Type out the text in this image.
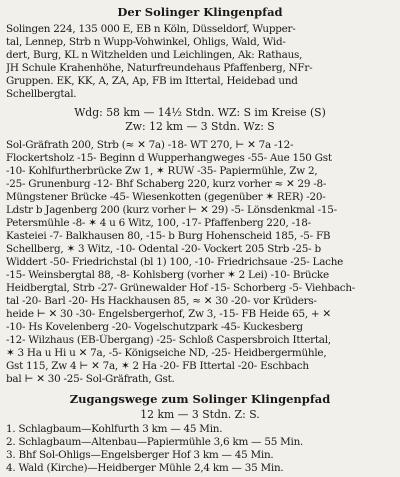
Der Solinger Klingenpfad
Solingen 224, 135 000 E, EB n Köln, Düsseldorf, Wupper-
tal, Lennep, Strb n Wupp-Vohwinkel, Ohligs, Wald, Wid-
dert, Burg, KL n Witzhelden und Leichlingen, Ak: Rathaus,
JH Schule Krahenhöhe, Naturfreundehaus Pfaffenberg, NFr-
Gruppen. EK, KK, A, ZA, Ap, FB im Ittertal, Heidebad und
Schellbergtal.
Wdg: 58 km — 14½ Stdn. WZ: S im Kreise (S)
Zw: 12 km — 3 Stdn. Wz: S
Sol-Gräfrath 200, Strb (≈ ✕ 7a) -18- WT 270, ⊢ ✕ 7a -12-
Flockertsholz -15- Beginn d Wupperhangweges -55- Aue 150 Gst
-10- Kohlfurtherbrücke Zw 1, ✶ RUW -35- Papiermühle, Zw 2,
-25- Grunenburg -12- Bhf Schaberg 220, kurz vorher ≈ ✕ 29 -8-
Müngstener Brücke -45- Wiesenkotten (gegenüber ✶ RER) -20-
Ldstr b Jagenberg 200 (kurz vorher ⊢ ✕ 29) -5- Lönsdenkmal -15-
Petersmühle -8- ✶ 4 u 6 Witz, 100, -17- Pfaffenberg 220, -18-
Kasteiei -7- Balkhausen 80, -15- b Burg Hohenscheid 185, -5- FB
Schellberg, ✶ 3 Witz, -10- Odental -20- Vockert 205 Strb -25- b
Widdert -50- Friedrichstal (bl 1) 100, -10- Friedrichsaue -25- Lache
-15- Weinsbergtal 88, -8- Kohlsberg (vorher ✶ 2 Lei) -10- Brücke
Heidbergtal, Strb -27- Grünewalder Hof -15- Schorberg -5- Viehbach-
tal -20- Barl -20- Hs Hackhausen 85, ≈ ✕ 30 -20- vor Krüders-
heide ⊢ ✕ 30 -30- Engelsbergerhof, Zw 3, -15- FB Heide 65, + ✕
-10- Hs Kovelenberg -20- Vogelschutzpark -45- Kuckesberg
-12- Wilzhaus (EB-Übergang) -25- Schloß Caspersbroich Ittertal,
✶ 3 Ha u Hi u ✕ 7a, -5- Königseiche ND, -25- Heidbergermühle,
Gst 115, Zw 4 ⊢ ✕ 7a, ✶ 2 Ha -20- FB Ittertal -20- Eschbach
bal ⊢ ✕ 30 -25- Sol-Gräfrath, Gst.
Zugangswege zum Solinger Klingenpfad
12 km — 3 Stdn. Z: S.
1. Schlagbaum—Kohlfurth 3 km — 45 Min.
2. Schlagbaum—Altenbau—Papiermühle 3,6 km — 55 Min.
3. Bhf Sol-Ohligs—Engelsberger Hof 3 km — 45 Min.
4. Wald (Kirche)—Heidberger Mühle 2,4 km — 35 Min.
